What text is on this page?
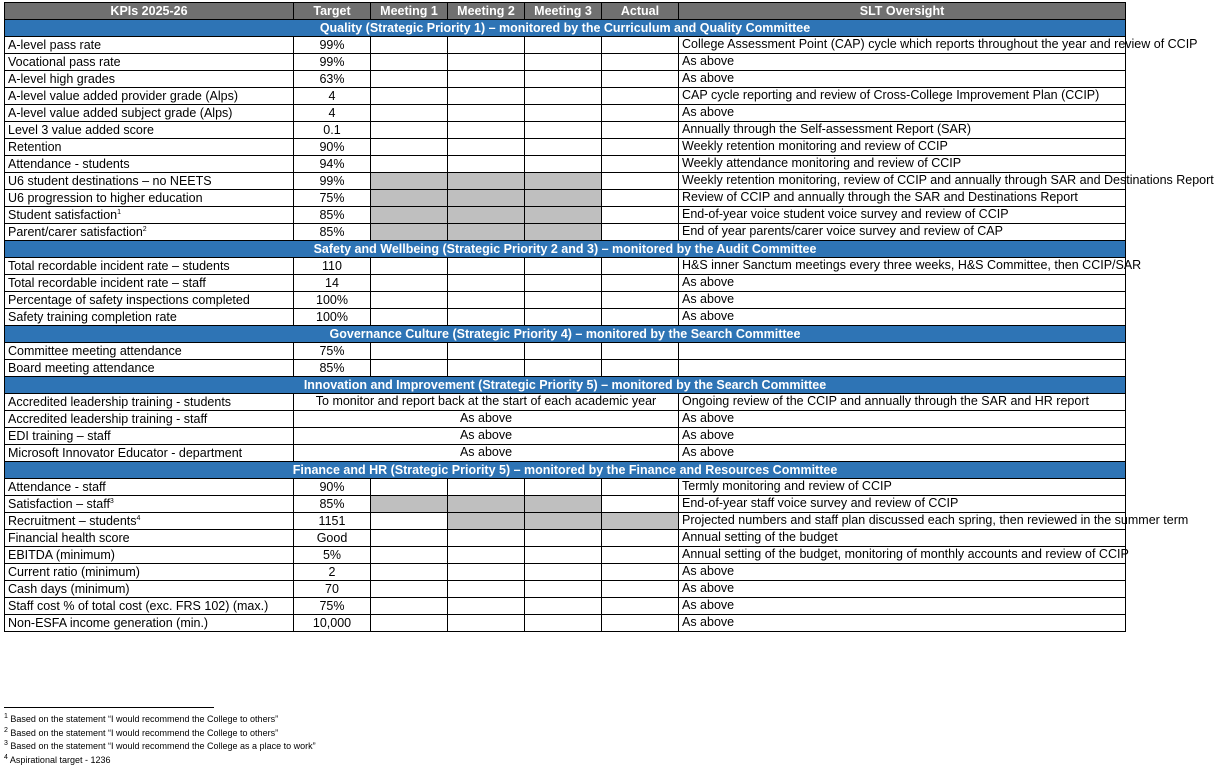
KPIs 2025-26	Target	Meeting 1	Meeting 2	Meeting 3	Actual	SLT Oversight
Quality (Strategic Priority 1) – monitored by the Curriculum and Quality Committee						
A-level pass rate	99%					College Assessment Point (CAP) cycle which reports throughout the year and review of CCIP
Vocational pass rate	99%					As above
A-level high grades	63%					As above
A-level value added provider grade (Alps)	4					CAP cycle reporting and review of Cross-College Improvement Plan (CCIP)
A-level value added subject grade (Alps)	4					As above
Level 3 value added score	0.1					Annually through the Self-assessment Report (SAR)
Retention	90%					Weekly retention monitoring and review of CCIP
Attendance - students	94%					Weekly attendance monitoring and review of CCIP
U6 student destinations – no NEETS	99%					Weekly retention monitoring, review of CCIP and annually through SAR and Destinations Report
U6 progression to higher education	75%					Review of CCIP and annually through the SAR and Destinations Report
Student satisfaction$^1$	85%					End-of-year voice student voice survey and review of CCIP
Parent/carer satisfaction$^2$	85%					End of year parents/carer voice survey and review of CAP
Safety and Wellbeing (Strategic Priority 2 and 3) – monitored by the Audit Committee						
Total recordable incident rate – students	110					H&S inner Sanctum meetings every three weeks, H&S Committee, then CCIP/SAR
Total recordable incident rate – staff	14					As above
Percentage of safety inspections completed	100%					As above
Safety training completion rate	100%					As above
Governance Culture (Strategic Priority 4) – monitored by the Search Committee						
Committee meeting attendance	75%					
Board meeting attendance	85%					
Innovation and Improvement (Strategic Priority 5) – monitored by the Search Committee						
Accredited leadership training - students	To monitor and report back at the start of each academic year					Ongoing review of the CCIP and annually through the SAR and HR report
Accredited leadership training - staff	As above					As above
EDI training – staff	As above					As above
Microsoft Innovator Educator - department	As above					As above
Finance and HR (Strategic Priority 5) – monitored by the Finance and Resources Committee						
Attendance - staff	90%					Termly monitoring and review of CCIP
Satisfaction – staff$^3$	85%					End-of-year staff voice survey and review of CCIP
Recruitment – students$^4$	1151					Projected numbers and staff plan discussed each spring, then reviewed in the summer term
Financial health score	Good					Annual setting of the budget
EBITDA (minimum)	5%					Annual setting of the budget, monitoring of monthly accounts and review of CCIP
Current ratio (minimum)	2					As above
Cash days (minimum)	70					As above
Staff cost % of total cost (exc. FRS 102) (max.)	75%					As above
Non-ESFA income generation (min.)	10,000					As above
$^1$ Based on the statement “I would recommend the College to others”
$^2$ Based on the statement “I would recommend the College to others”
$^3$ Based on the statement “I would recommend the College as a place to work”
$^4$ Aspirational target - 1236
